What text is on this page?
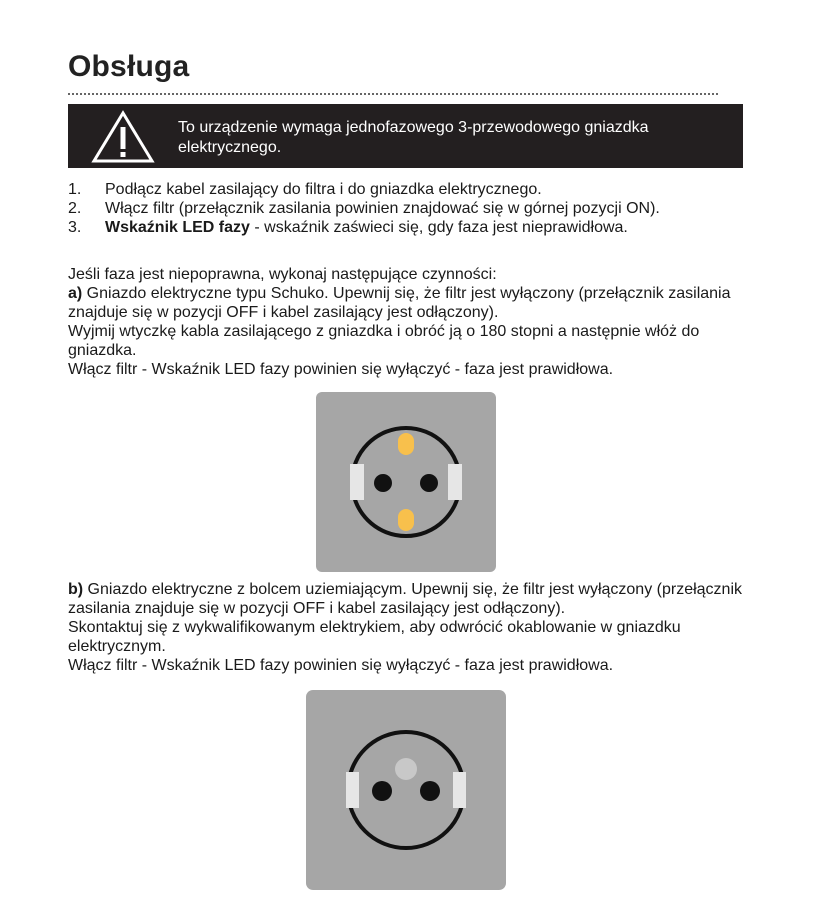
Obsługa
To urządzenie wymaga jednofazowego 3-przewodowego gniazdka elektrycznego.
1. Podłącz kabel zasilający do filtra i do gniazdka elektrycznego.
2. Włącz filtr (przełącznik zasilania powinien znajdować się w górnej pozycji ON).
3. Wskaźnik LED fazy - wskaźnik zaświeci się, gdy faza jest nieprawidłowa.
Jeśli faza jest niepoprawna, wykonaj następujące czynności:
a) Gniazdo elektryczne typu Schuko. Upewnij się, że filtr jest wyłączony (przełącznik zasilania znajduje się w pozycji OFF i kabel zasilający jest odłączony).
Wyjmij wtyczkę kabla zasilającego z gniazdka i obróć ją o 180 stopni a następnie włóż do gniazdka.
Włącz filtr - Wskaźnik LED fazy powinien się wyłączyć - faza jest prawidłowa.
b) Gniazdo elektryczne z bolcem uziemiającym. Upewnij się, że filtr jest wyłączony (przełącznik zasilania znajduje się w pozycji OFF i kabel zasilający jest odłączony).
Skontaktuj się z wykwalifikowanym elektrykiem, aby odwrócić okablowanie w gniazdku elektrycznym.
Włącz filtr - Wskaźnik LED fazy powinien się wyłączyć - faza jest prawidłowa.
